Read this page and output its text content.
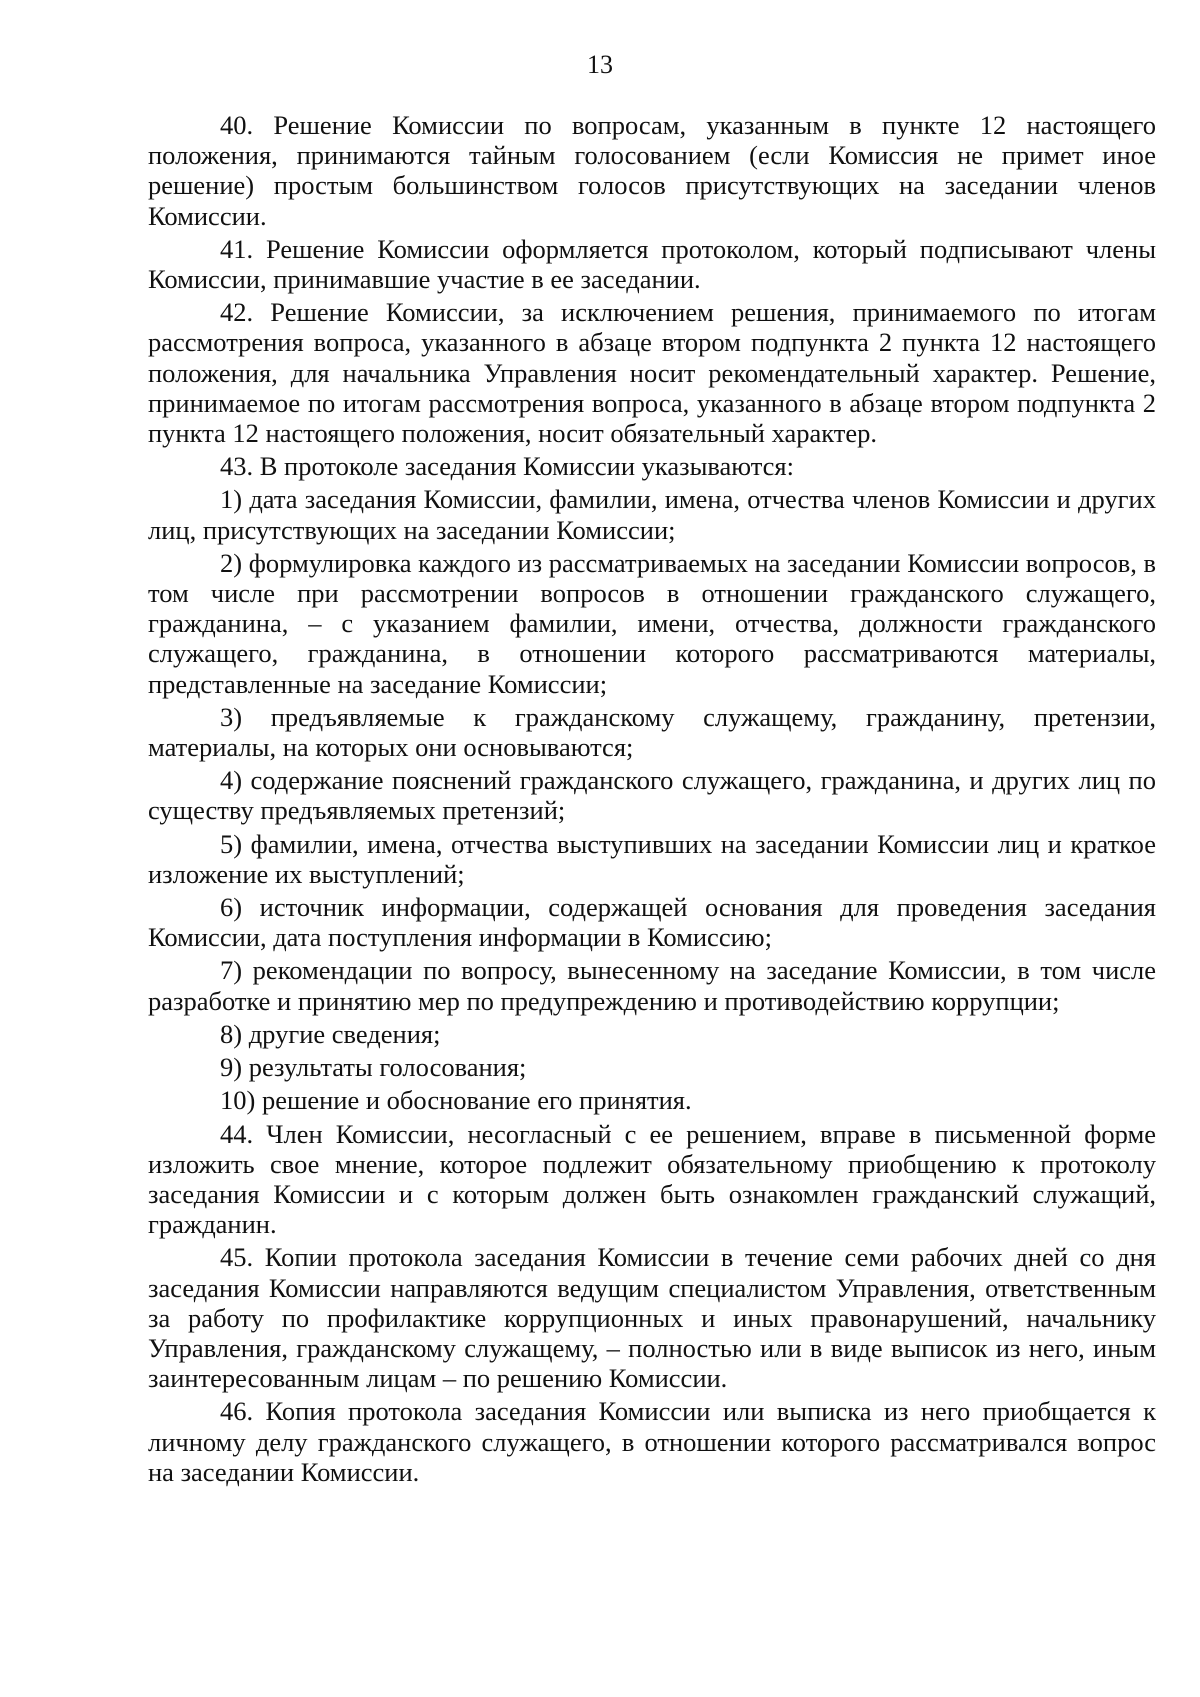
13

40. Решение Комиссии по вопросам, указанным в пункте 12 настоящего положения, принимаются тайным голосованием (если Комиссия не примет иное решение) простым большинством голосов присутствующих на заседании членов Комиссии.

41. Решение Комиссии оформляется протоколом, который подписывают члены Комиссии, принимавшие участие в ее заседании.

42. Решение Комиссии, за исключением решения, принимаемого по итогам рассмотрения вопроса, указанного в абзаце втором подпункта 2 пункта 12 настоящего положения, для начальника Управления носит рекомендательный характер. Решение, принимаемое по итогам рассмотрения вопроса, указанного в абзаце втором подпункта 2 пункта 12 настоящего положения, носит обязательный характер.

43. В протоколе заседания Комиссии указываются:

1) дата заседания Комиссии, фамилии, имена, отчества членов Комиссии и других лиц, присутствующих на заседании Комиссии;

2) формулировка каждого из рассматриваемых на заседании Комиссии вопросов, в том числе при рассмотрении вопросов в отношении гражданского служащего, гражданина, – с указанием фамилии, имени, отчества, должности гражданского служащего, гражданина, в отношении которого рассматриваются материалы, представленные на заседание Комиссии;

3) предъявляемые к гражданскому служащему, гражданину, претензии, материалы, на которых они основываются;

4) содержание пояснений гражданского служащего, гражданина, и других лиц по существу предъявляемых претензий;

5) фамилии, имена, отчества выступивших на заседании Комиссии лиц и краткое изложение их выступлений;

6) источник информации, содержащей основания для проведения заседания Комиссии, дата поступления информации в Комиссию;

7) рекомендации по вопросу, вынесенному на заседание Комиссии, в том числе разработке и принятию мер по предупреждению и противодействию коррупции;

8) другие сведения;

9) результаты голосования;

10) решение и обоснование его принятия.

44. Член Комиссии, несогласный с ее решением, вправе в письменной форме изложить свое мнение, которое подлежит обязательному приобщению к протоколу заседания Комиссии и с которым должен быть ознакомлен гражданский служащий, гражданин.

45. Копии протокола заседания Комиссии в течение семи рабочих дней со дня заседания Комиссии направляются ведущим специалистом Управления, ответственным за работу по профилактике коррупционных и иных правонарушений, начальнику Управления, гражданскому служащему, – полностью или в виде выписок из него, иным заинтересованным лицам – по решению Комиссии.

46. Копия протокола заседания Комиссии или выписка из него приобщается к личному делу гражданского служащего, в отношении которого рассматривался вопрос на заседании Комиссии.
